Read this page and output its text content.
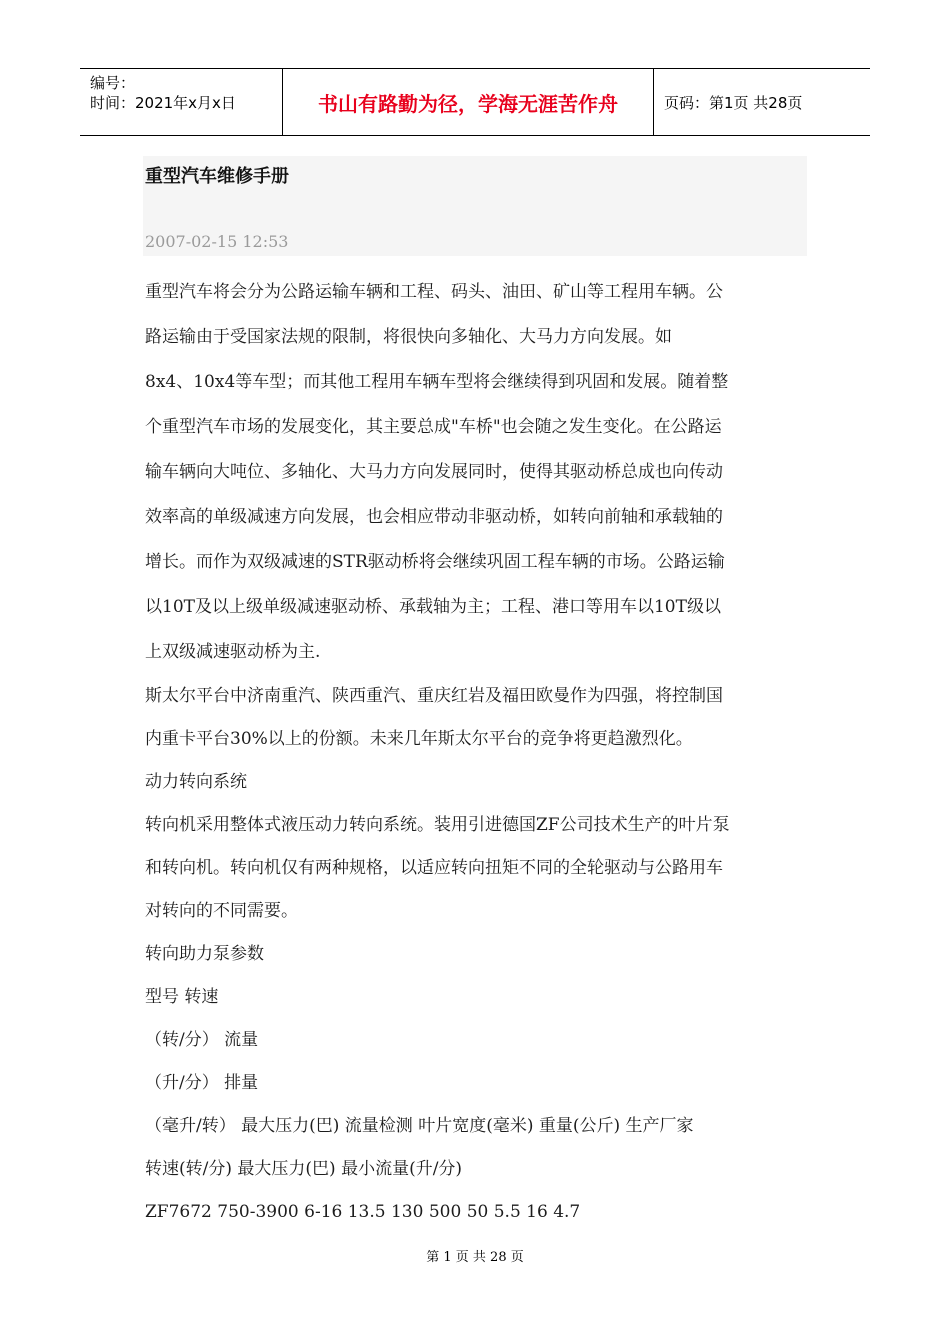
编号：
时间：2021年x月x日	书山有路勤为径，学海无涯苦作舟	页码：第1页 共28页
重型汽车维修手册
2007-02-15 12:53

重型汽车将会分为公路运输车辆和工程、码头、油田、矿山等工程用车辆。公

路运输由于受国家法规的限制，将很快向多轴化、大马力方向发展。如

8x4、10x4等车型；而其他工程用车辆车型将会继续得到巩固和发展。随着整

个重型汽车市场的发展变化，其主要总成"车桥"也会随之发生变化。在公路运

输车辆向大吨位、多轴化、大马力方向发展同时，使得其驱动桥总成也向传动

效率高的单级减速方向发展，也会相应带动非驱动桥，如转向前轴和承载轴的

增长。而作为双级减速的STR驱动桥将会继续巩固工程车辆的市场。公路运输

以10T及以上级单级减速驱动桥、承载轴为主；工程、港口等用车以10T级以

上双级减速驱动桥为主.

斯太尔平台中济南重汽、陕西重汽、重庆红岩及福田欧曼作为四强，将控制国

内重卡平台30%以上的份额。未来几年斯太尔平台的竞争将更趋激烈化。

动力转向系统

转向机采用整体式液压动力转向系统。装用引进德国ZF公司技术生产的叶片泵

和转向机。转向机仅有两种规格，以适应转向扭矩不同的全轮驱动与公路用车

对转向的不同需要。

转向助力泵参数

型号 转速

（转/分） 流量

（升/分） 排量

（毫升/转） 最大压力(巴) 流量检测 叶片宽度(毫米) 重量(公斤) 生产厂家

转速(转/分) 最大压力(巴) 最小流量(升/分)

ZF7672 750-3900 6-16 13.5 130 500 50 5.5 16 4.7

第 1 页 共 28 页
